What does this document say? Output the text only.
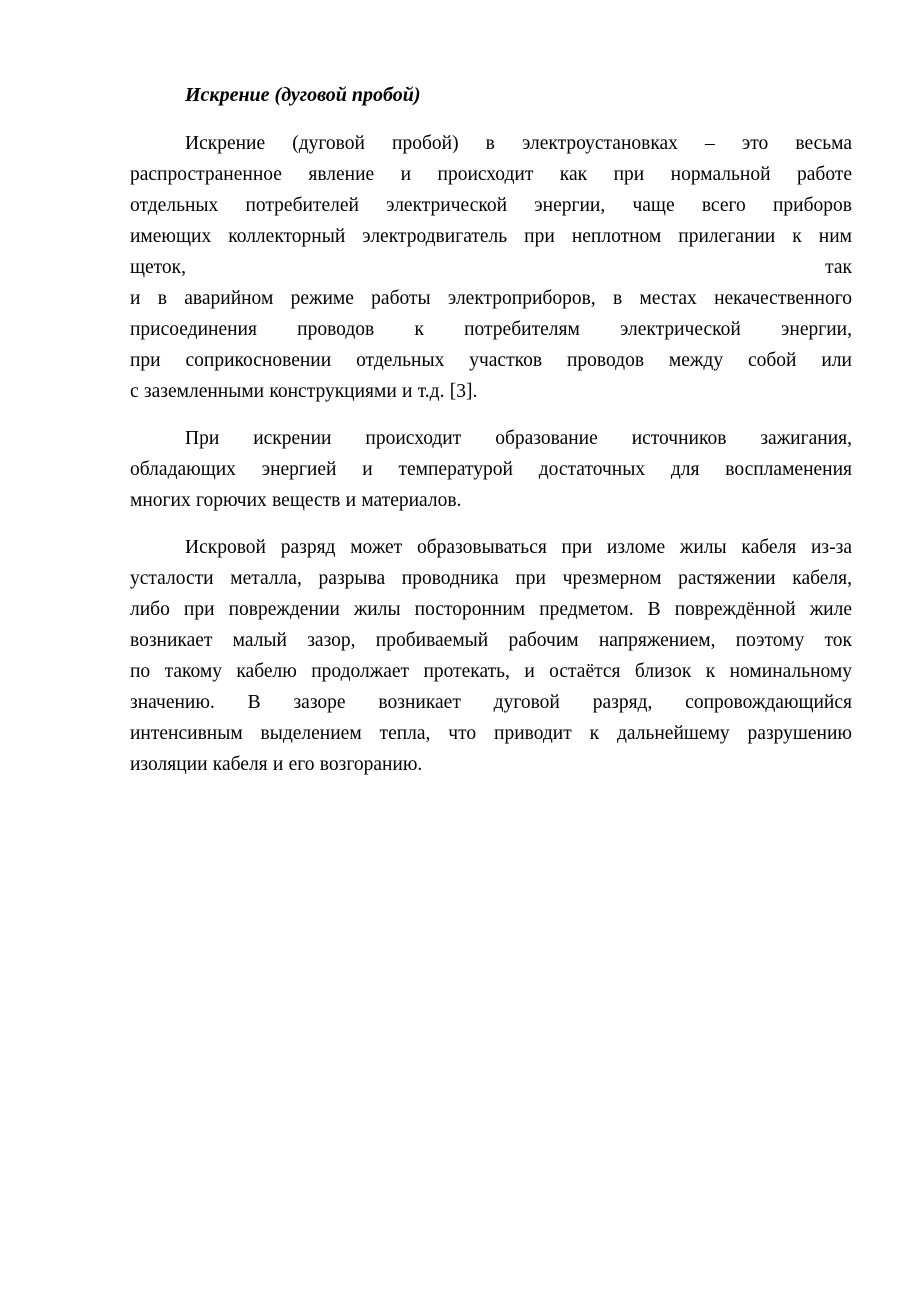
Искрение (дуговой пробой)
Искрение (дуговой пробой) в электроустановках – это весьма
распространенное явление и происходит как при нормальной работе
отдельных потребителей электрической энергии, чаще всего приборов
имеющих коллекторный электродвигатель при неплотном прилегании к ним
щеток, так
и в аварийном режиме работы электроприборов, в местах некачественного
присоединения проводов к потребителям электрической энергии,
при соприкосновении отдельных участков проводов между собой или
с заземленными конструкциями и т.д. [3].
При искрении происходит образование источников зажигания,
обладающих энергией и температурой достаточных для воспламенения
многих горючих веществ и материалов.
Искровой разряд может образовываться при изломе жилы кабеля из-за
усталости металла, разрыва проводника при чрезмерном растяжении кабеля,
либо при повреждении жилы посторонним предметом. В повреждённой жиле
возникает малый зазор, пробиваемый рабочим напряжением, поэтому ток
по такому кабелю продолжает протекать, и остаётся близок к номинальному
значению. В зазоре возникает дуговой разряд, сопровождающийся
интенсивным выделением тепла, что приводит к дальнейшему разрушению
изоляции кабеля и его возгоранию.
